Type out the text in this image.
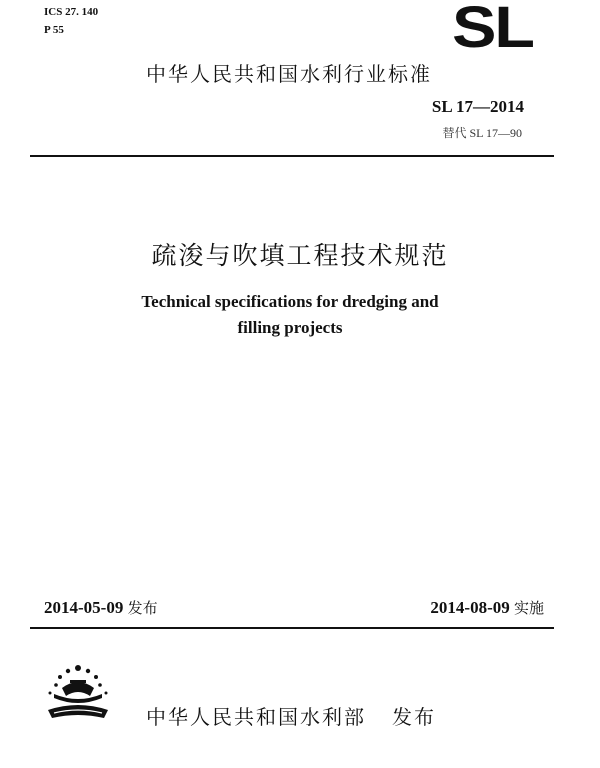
ICS 27. 140
P 55	SL
中华人民共和国水利行业标准
SL 17—2014
替代 SL 17—90
疏浚与吹填工程技术规范
Technical specifications for dredging and
filling projects
2014-05-09 发布	2014-08-09 实施
中华人民共和国水利部 发布
